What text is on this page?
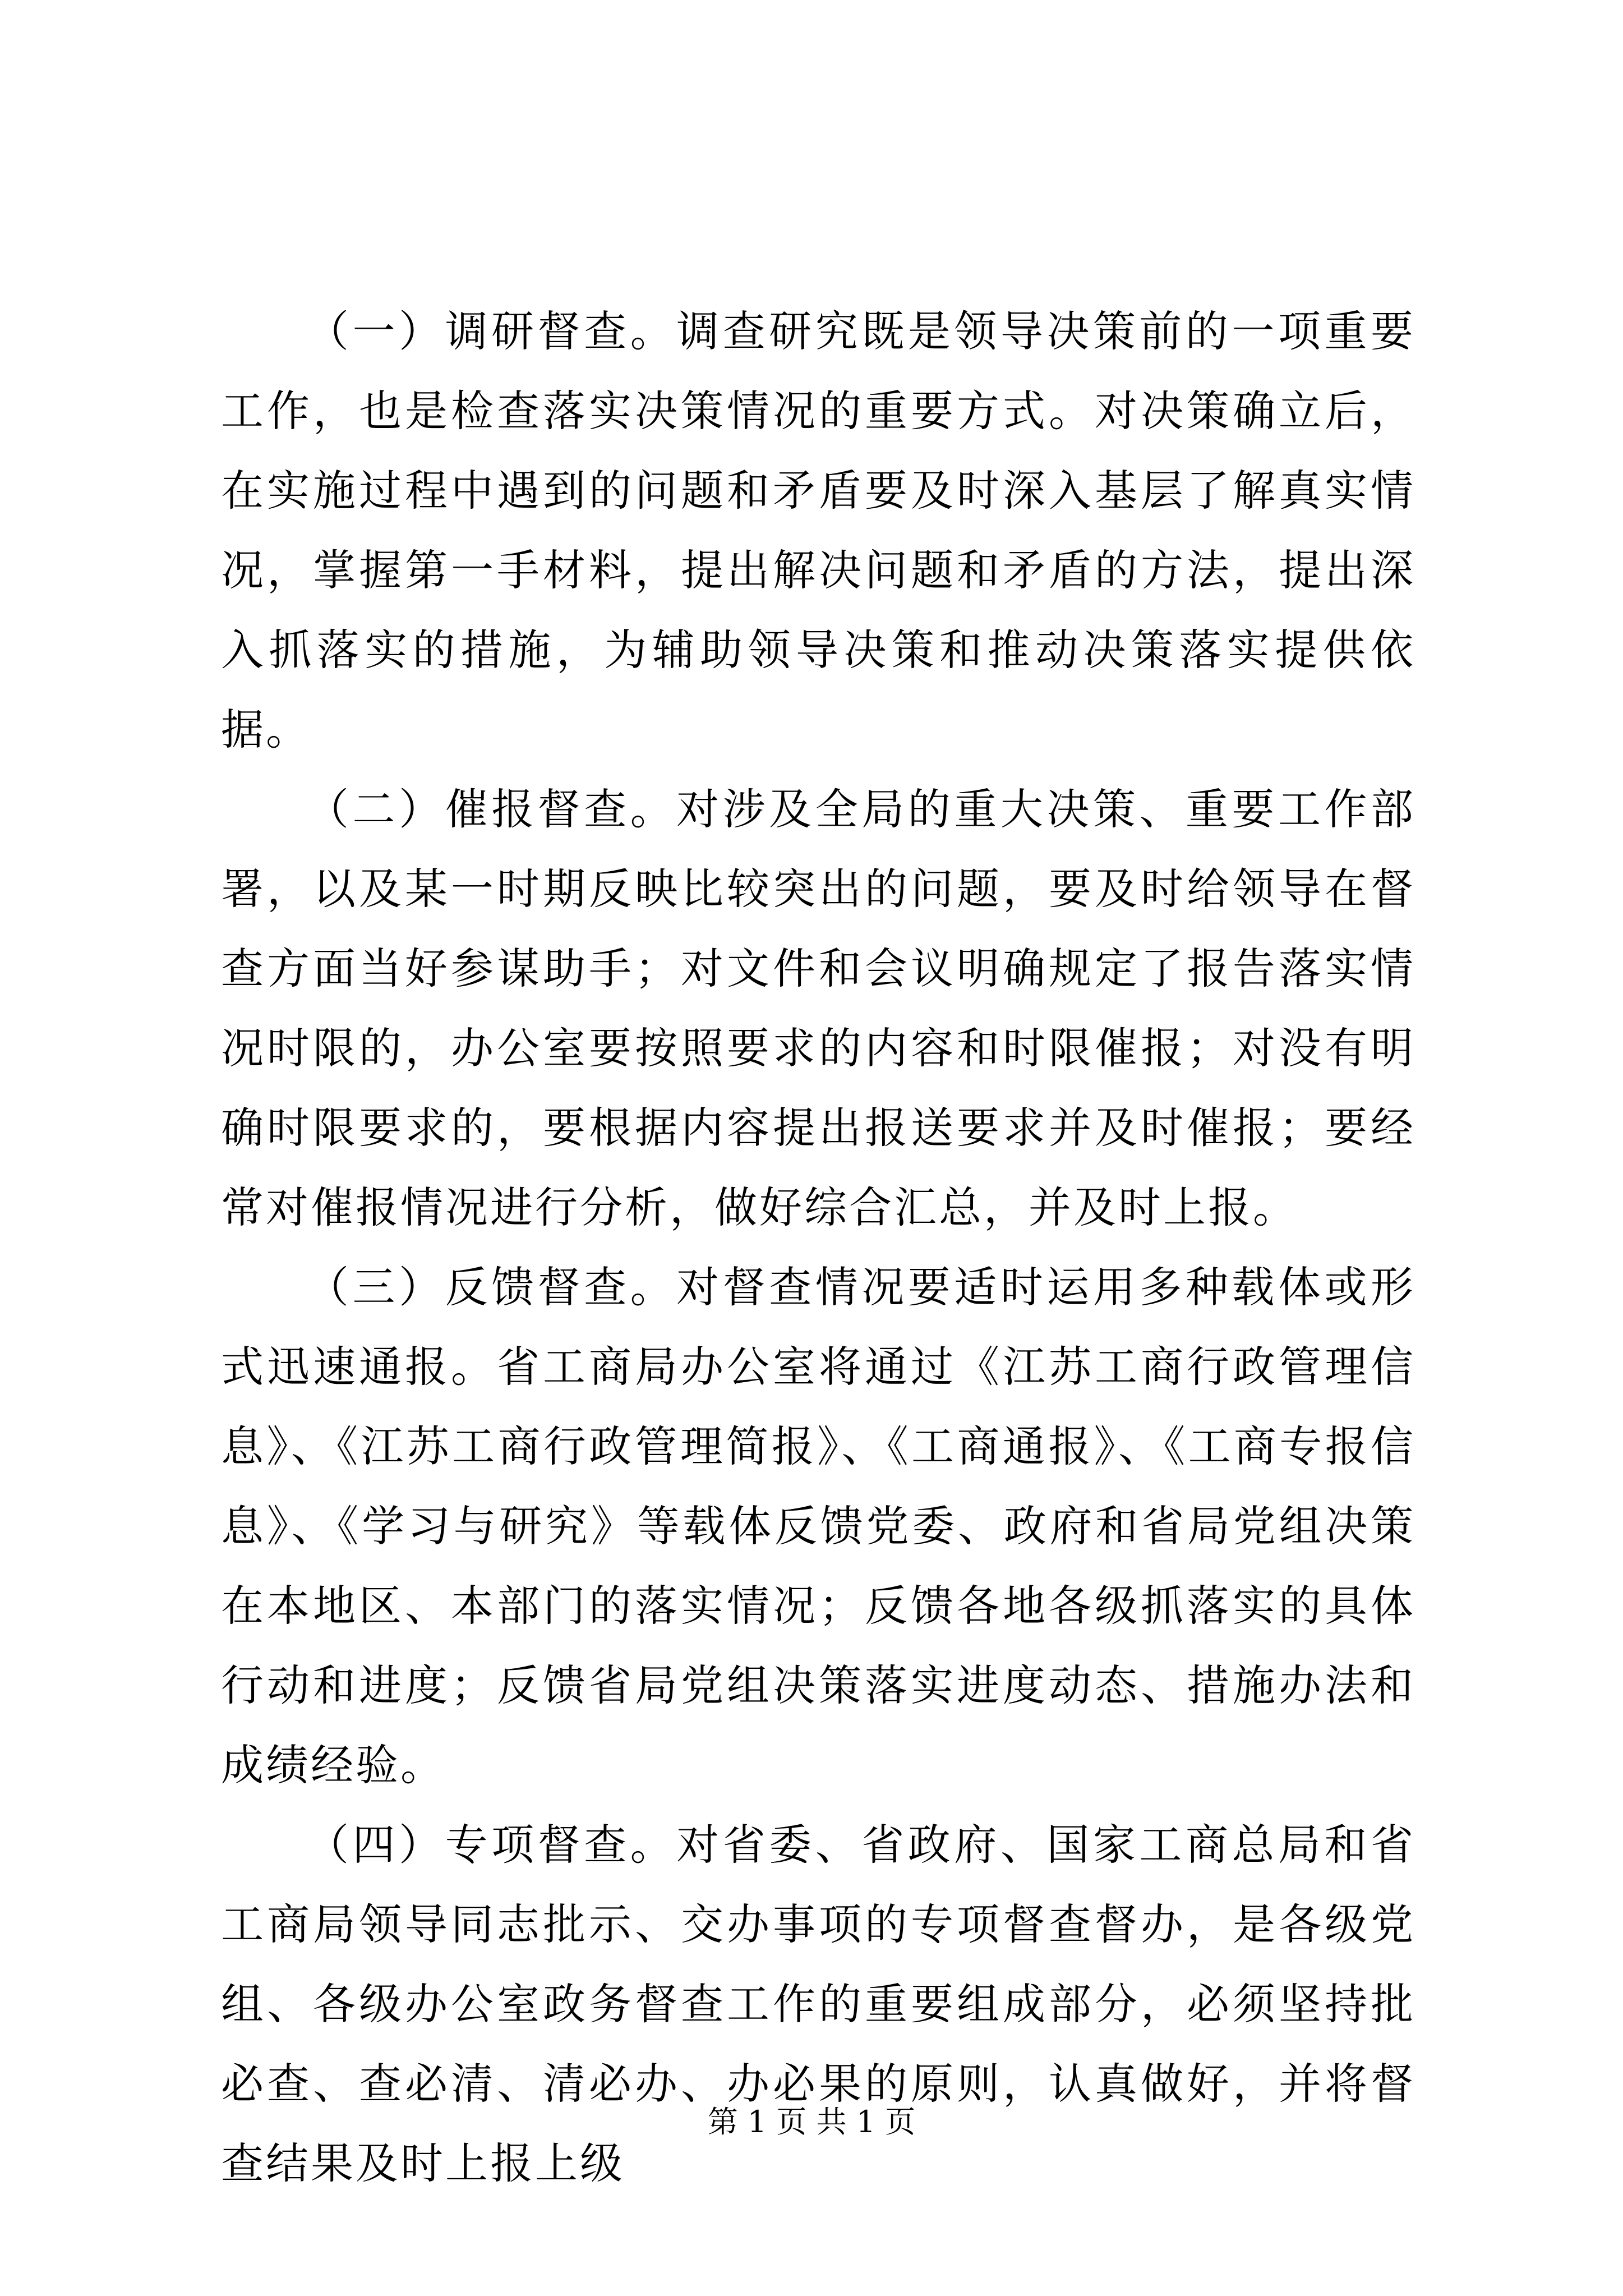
（一）调研督查。调查研究既是领导决策前的一项重要工作，也是检查落实决策情况的重要方式。对决策确立后，在实施过程中遇到的问题和矛盾要及时深入基层了解真实情况，掌握第一手材料，提出解决问题和矛盾的方法，提出深入抓落实的措施，为辅助领导决策和推动决策落实提供依据。

（二）催报督查。对涉及全局的重大决策、重要工作部署，以及某一时期反映比较突出的问题，要及时给领导在督查方面当好参谋助手；对文件和会议明确规定了报告落实情况时限的，办公室要按照要求的内容和时限催报；对没有明确时限要求的，要根据内容提出报送要求并及时催报；要经常对催报情况进行分析，做好综合汇总，并及时上报。

（三）反馈督查。对督查情况要适时运用多种载体或形式迅速通报。省工商局办公室将通过《江苏工商行政管理信息》、《江苏工商行政管理简报》、《工商通报》、《工商专报信息》、《学习与研究》等载体反馈党委、政府和省局党组决策在本地区、本部门的落实情况；反馈各地各级抓落实的具体行动和进度；反馈省局党组决策落实进度动态、措施办法和成绩经验。

（四）专项督查。对省委、省政府、国家工商总局和省工商局领导同志批示、交办事项的专项督查督办，是各级党组、各级办公室政务督查工作的重要组成部分，必须坚持批必查、查必清、清必办、办必果的原则，认真做好，并将督查结果及时上报上级

第 1 页 共 1 页
